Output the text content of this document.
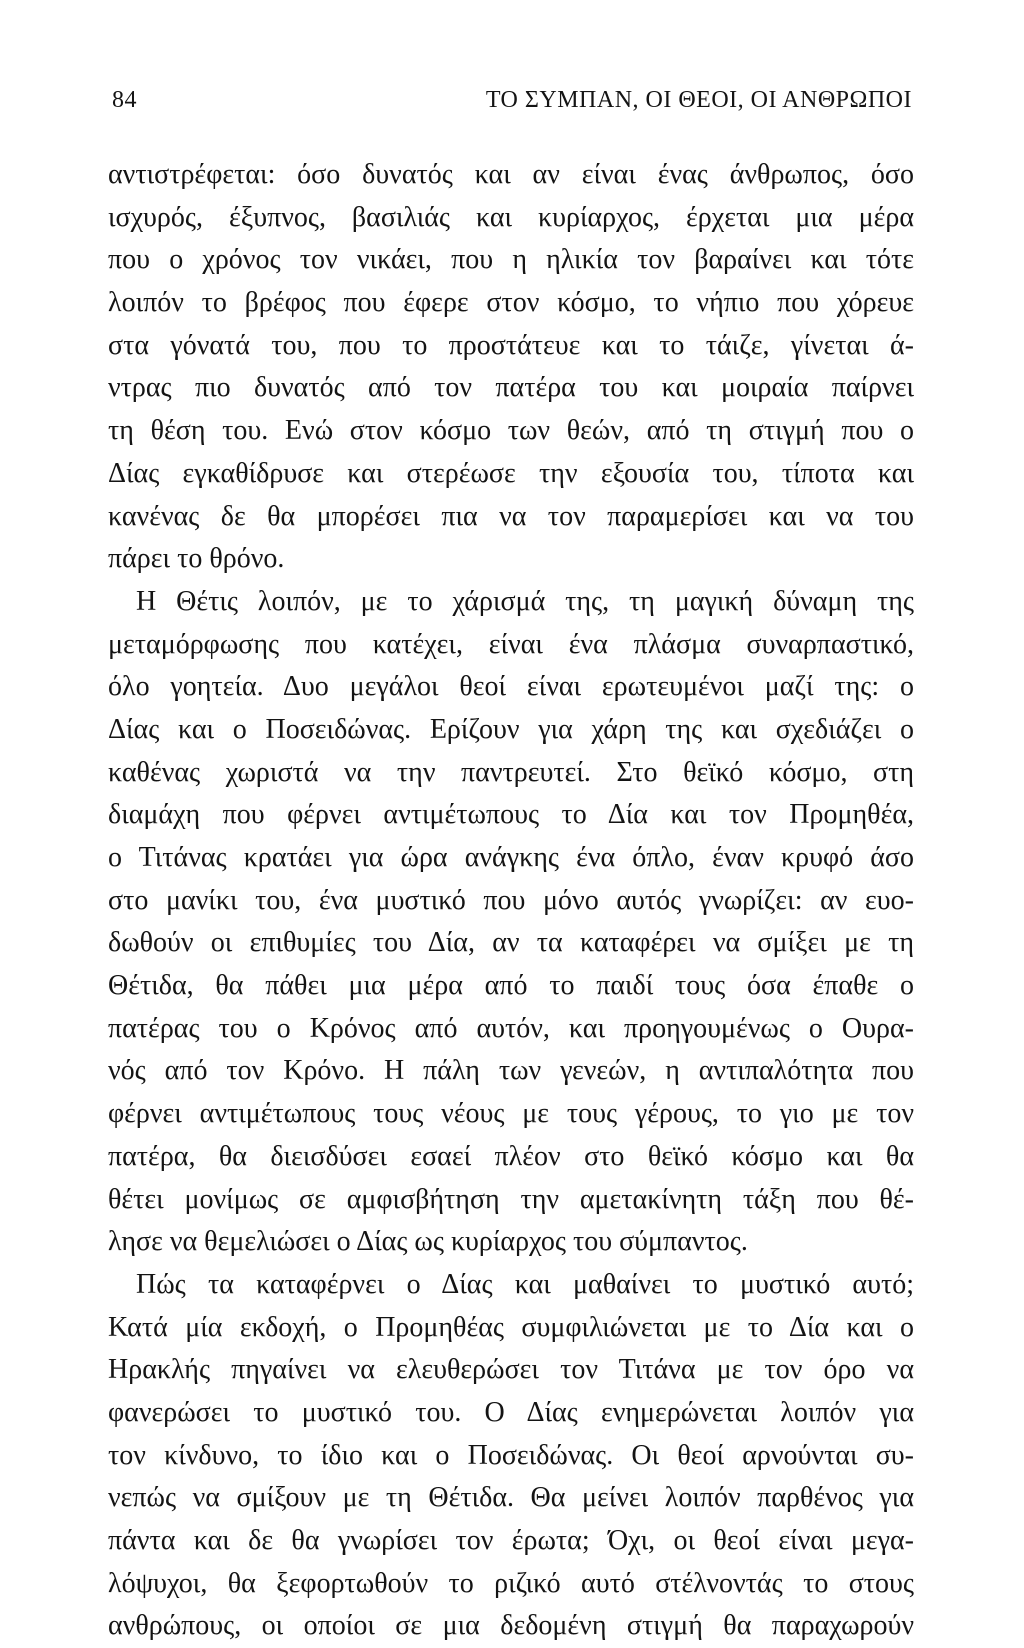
84	ΤΟ ΣΥΜΠΑΝ, ΟΙ ΘΕΟΙ, ΟΙ ΑΝΘΡΩΠΟΙ
αντιστρέφεται: όσο δυνατός και αν είναι ένας άνθρωπος, όσο
ισχυρός, έξυπνος, βασιλιάς και κυρίαρχος, έρχεται μια μέρα
που ο χρόνος τον νικάει, που η ηλικία τον βαραίνει και τότε
λοιπόν το βρέφος που έφερε στον κόσμο, το νήπιο που χόρευε
στα γόνατά του, που το προστάτευε και το τάιζε, γίνεται ά-
ντρας πιο δυνατός από τον πατέρα του και μοιραία παίρνει
τη θέση του. Ενώ στον κόσμο των θεών, από τη στιγμή που ο
Δίας εγκαθίδρυσε και στερέωσε την εξουσία του, τίποτα και
κανένας δε θα μπορέσει πια να τον παραμερίσει και να του
πάρει το θρόνο.
Η Θέτις λοιπόν, με το χάρισμά της, τη μαγική δύναμη της
μεταμόρφωσης που κατέχει, είναι ένα πλάσμα συναρπαστικό,
όλο γοητεία. Δυο μεγάλοι θεοί είναι ερωτευμένοι μαζί της: ο
Δίας και ο Ποσειδώνας. Ερίζουν για χάρη της και σχεδιάζει ο
καθένας χωριστά να την παντρευτεί. Στο θεϊκό κόσμο, στη
διαμάχη που φέρνει αντιμέτωπους το Δία και τον Προμηθέα,
ο Τιτάνας κρατάει για ώρα ανάγκης ένα όπλο, έναν κρυφό άσο
στο μανίκι του, ένα μυστικό που μόνο αυτός γνωρίζει: αν ευο-
δωθούν οι επιθυμίες του Δία, αν τα καταφέρει να σμίξει με τη
Θέτιδα, θα πάθει μια μέρα από το παιδί τους όσα έπαθε ο
πατέρας του ο Κρόνος από αυτόν, και προηγουμένως ο Ουρα-
νός από τον Κρόνο. Η πάλη των γενεών, η αντιπαλότητα που
φέρνει αντιμέτωπους τους νέους με τους γέρους, το γιο με τον
πατέρα, θα διεισδύσει εσαεί πλέον στο θεϊκό κόσμο και θα
θέτει μονίμως σε αμφισβήτηση την αμετακίνητη τάξη που θέ-
λησε να θεμελιώσει ο Δίας ως κυρίαρχος του σύμπαντος.
Πώς τα καταφέρνει ο Δίας και μαθαίνει το μυστικό αυτό;
Κατά μία εκδοχή, ο Προμηθέας συμφιλιώνεται με το Δία και ο
Ηρακλής πηγαίνει να ελευθερώσει τον Τιτάνα με τον όρο να
φανερώσει το μυστικό του. Ο Δίας ενημερώνεται λοιπόν για
τον κίνδυνο, το ίδιο και ο Ποσειδώνας. Οι θεοί αρνούνται συ-
νεπώς να σμίξουν με τη Θέτιδα. Θα μείνει λοιπόν παρθένος για
πάντα και δε θα γνωρίσει τον έρωτα; Όχι, οι θεοί είναι μεγα-
λόψυχοι, θα ξεφορτωθούν το ριζικό αυτό στέλνοντάς το στους
ανθρώπους, οι οποίοι σε μια δεδομένη στιγμή θα παραχωρούν
